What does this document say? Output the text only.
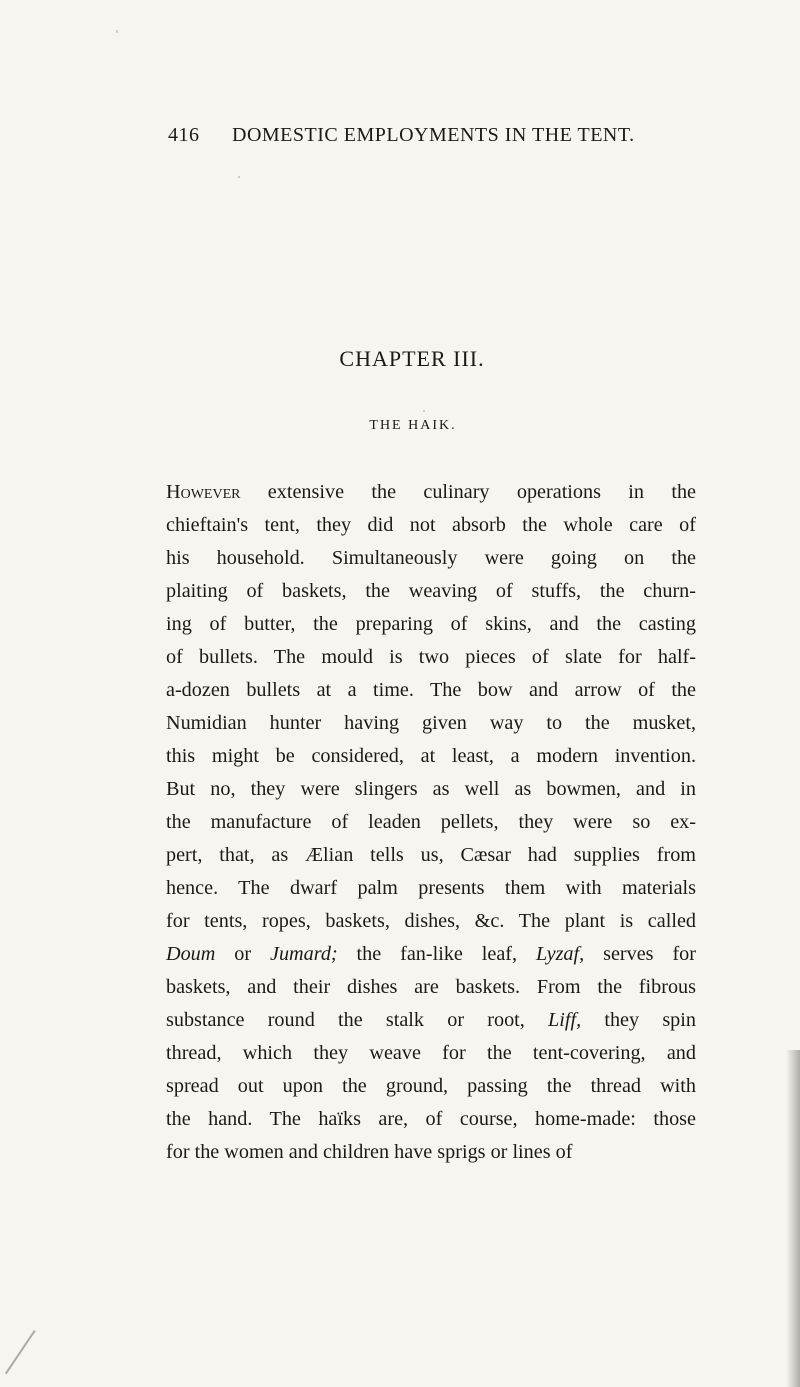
416 DOMESTIC EMPLOYMENTS IN THE TENT.
CHAPTER III.
THE HAIK.
However extensive the culinary operations in the
chieftain's tent, they did not absorb the whole care of
his household. Simultaneously were going on the
plaiting of baskets, the weaving of stuffs, the churn-
ing of butter, the preparing of skins, and the casting
of bullets. The mould is two pieces of slate for half-
a-dozen bullets at a time. The bow and arrow of the
Numidian hunter having given way to the musket,
this might be considered, at least, a modern invention.
But no, they were slingers as well as bowmen, and in
the manufacture of leaden pellets, they were so ex-
pert, that, as Ælian tells us, Cæsar had supplies from
hence. The dwarf palm presents them with materials
for tents, ropes, baskets, dishes, &c. The plant is called
Doum or Jumard; the fan-like leaf, Lyzaf, serves for
baskets, and their dishes are baskets. From the fibrous
substance round the stalk or root, Liff, they spin
thread, which they weave for the tent-covering, and
spread out upon the ground, passing the thread with
the hand. The haïks are, of course, home-made: those
for the women and children have sprigs or lines of
